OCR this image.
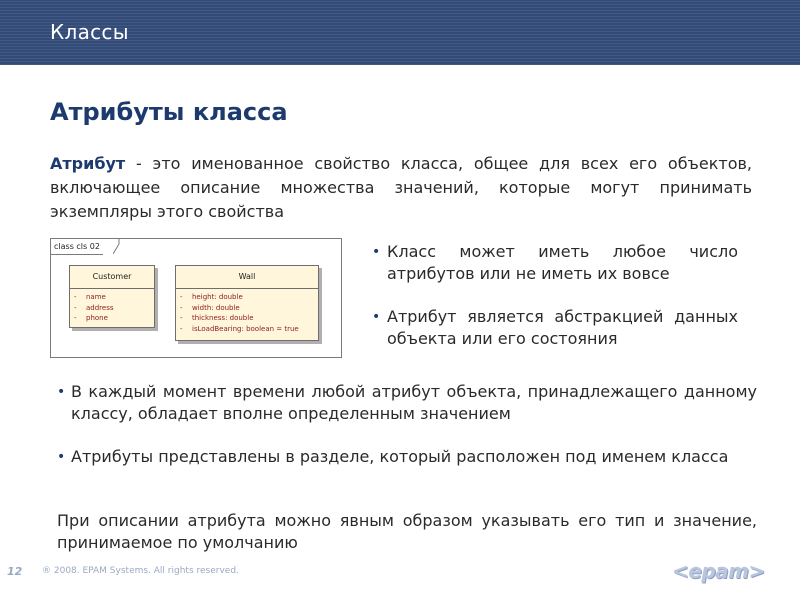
Классы
Атрибуты класса
Атрибут - это именованное свойство класса, общее для всех его объектов, включающее описание множества значений, которые могут принимать экземпляры этого свойства
class cls 02
Customer
- name
- address
- phone
Wall
- height: double
- width: double
- thickness: double
- isLoadBearing: boolean = true
• Класс может иметь любое число атрибутов или не иметь их вовсе
• Атрибут является абстракцией данных объекта или его состояния
• В каждый момент времени любой атрибут объекта, принадлежащего данному классу, обладает вполне определенным значением
• Атрибуты представлены в разделе, который расположен под именем класса
При описании атрибута можно явным образом указывать его тип и значение, принимаемое по умолчанию
12 ® 2008. EPAM Systems. All rights reserved.	<epam>
